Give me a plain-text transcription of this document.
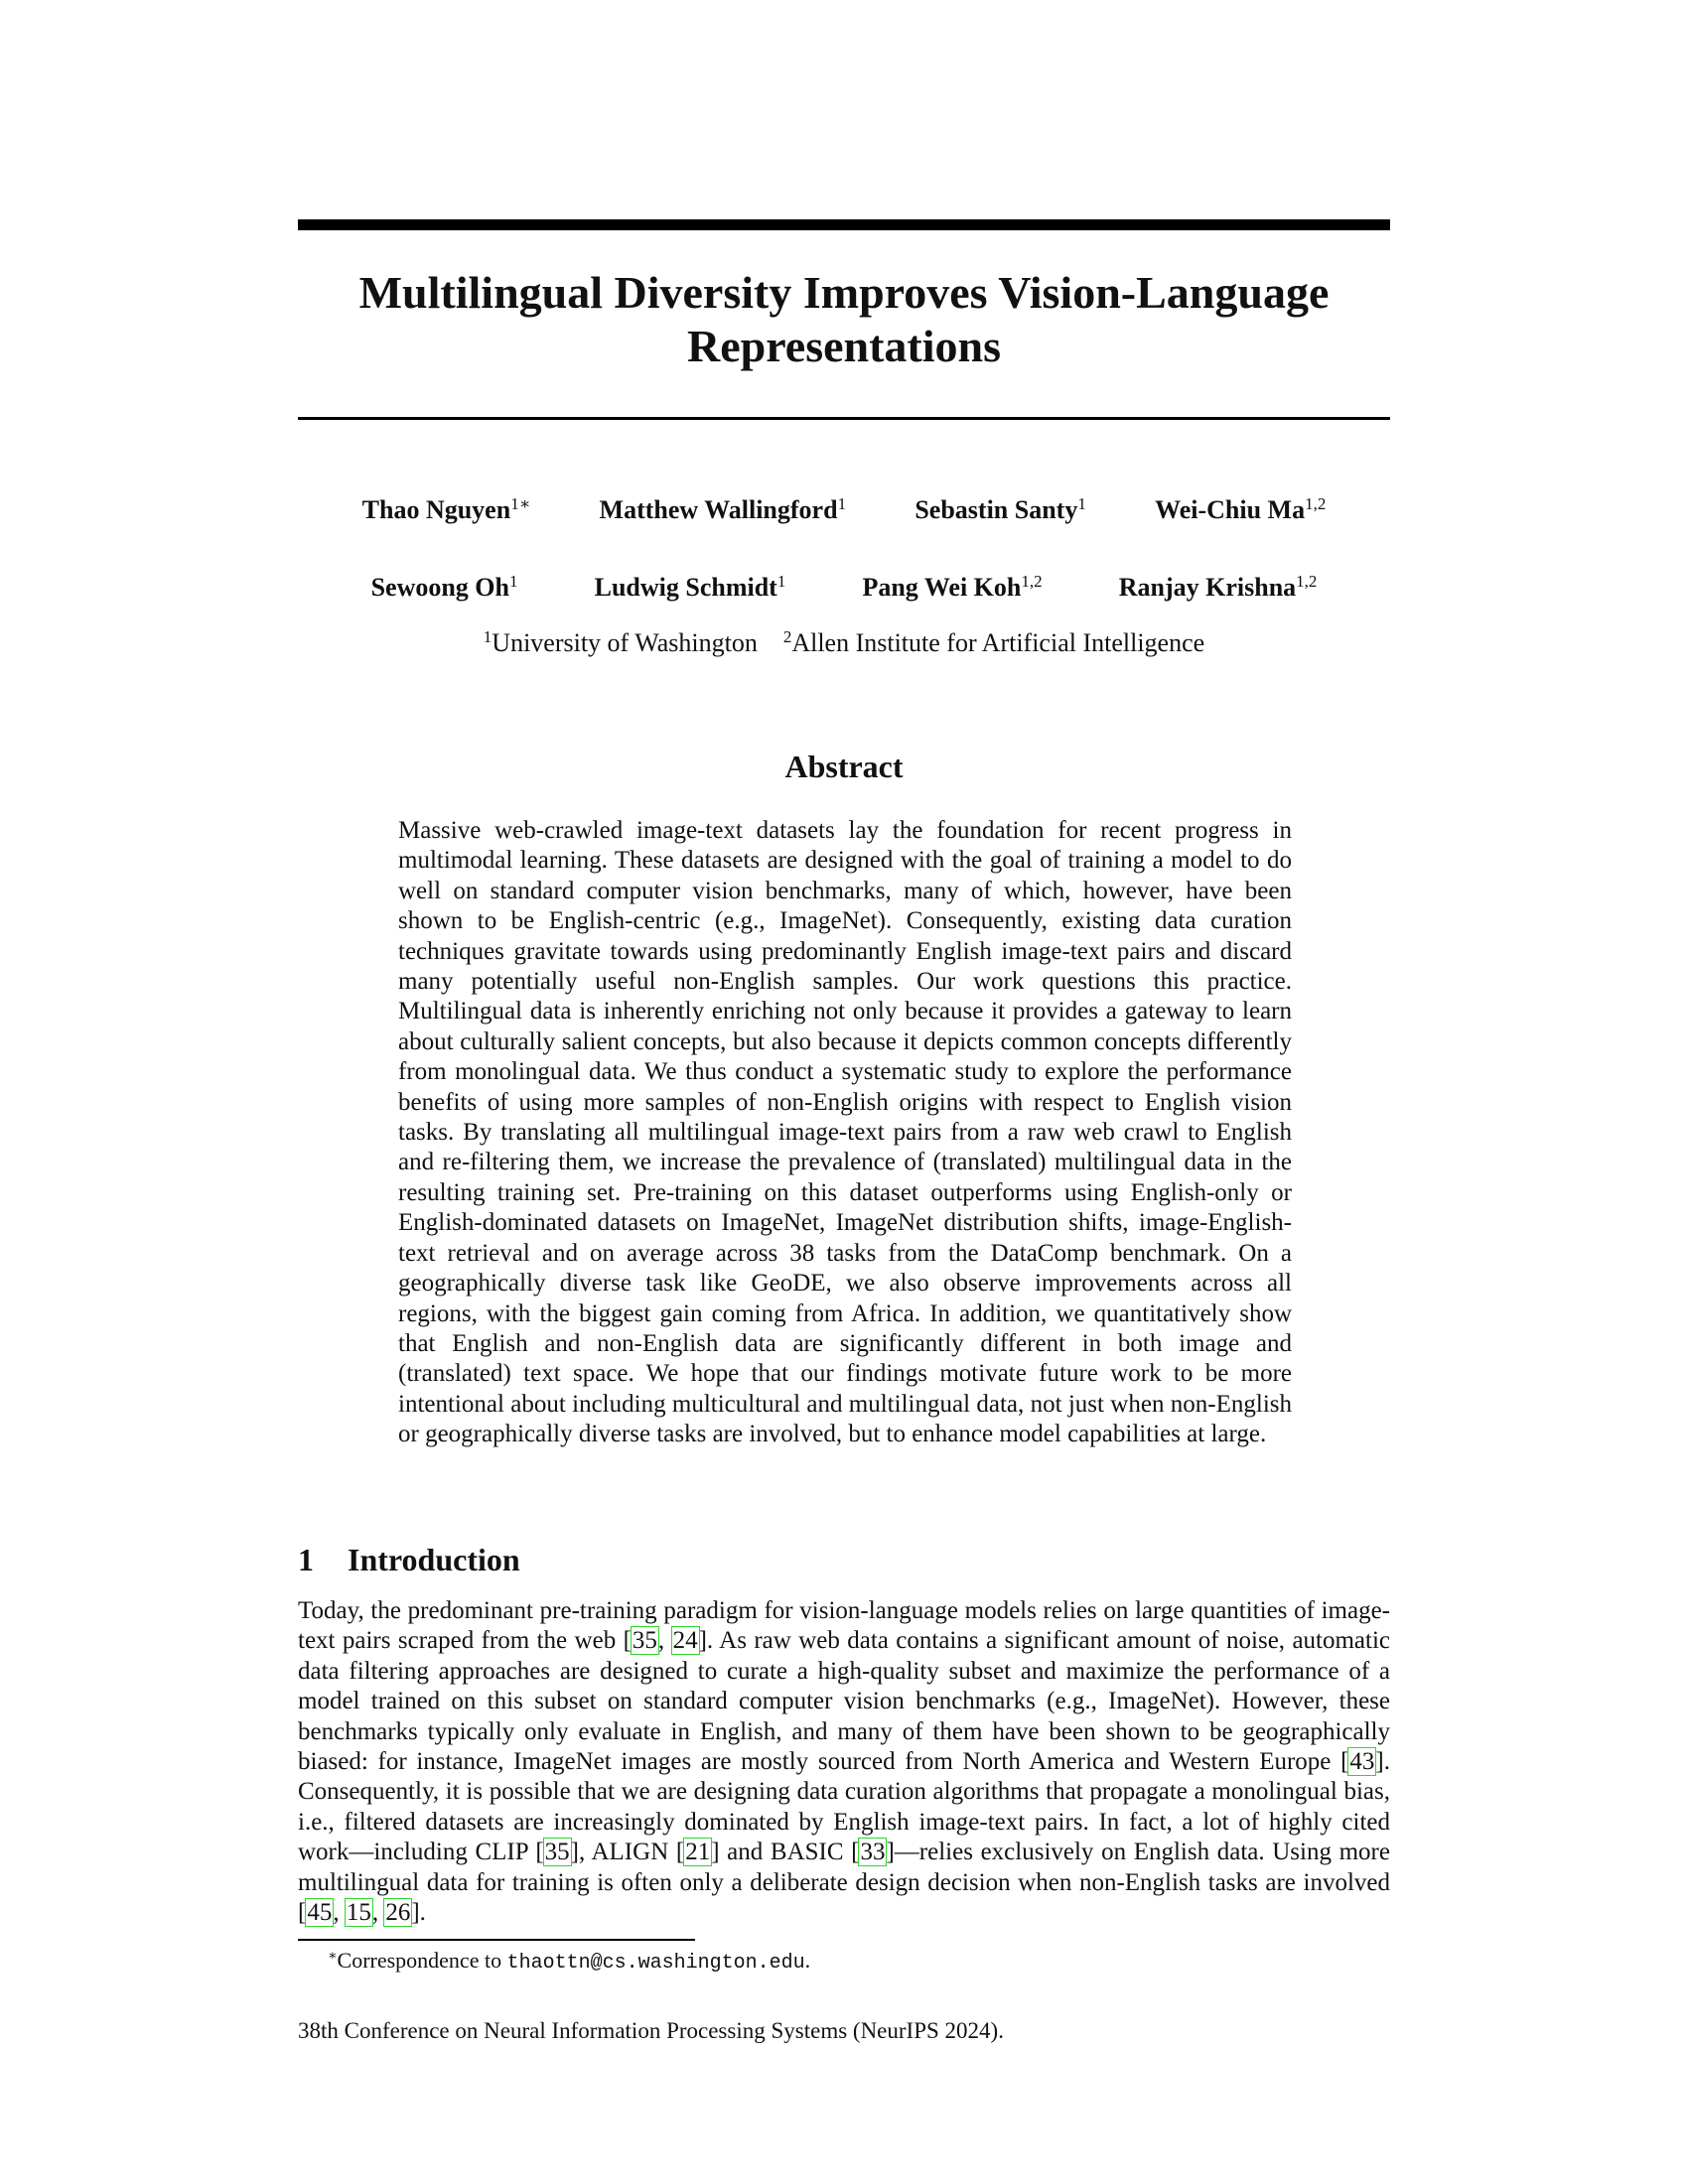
Multilingual Diversity Improves Vision-Language
Representations
Thao Nguyen$^{1∗}$	Matthew Wallingford$^1$	Sebastin Santy$^1$	Wei-Chiu Ma$^{1,2}$
Sewoong Oh$^1$	Ludwig Schmidt$^1$	Pang Wei Koh$^{1,2}$	Ranjay Krishna$^{1,2}$
$^1$University of Washington $^2$Allen Institute for Artificial Intelligence
Abstract

Massive web-crawled image-text datasets lay the foundation for recent progress in multimodal learning. These datasets are designed with the goal of training a model to do well on standard computer vision benchmarks, many of which, however, have been shown to be English-centric (e.g., ImageNet). Consequently, existing data curation techniques gravitate towards using predominantly English image-text pairs and discard many potentially useful non-English samples. Our work questions this practice. Multilingual data is inherently enriching not only because it provides a gateway to learn about culturally salient concepts, but also because it depicts common concepts differently from monolingual data. We thus conduct a systematic study to explore the performance benefits of using more samples of non-English origins with respect to English vision tasks. By translating all multilingual image-text pairs from a raw web crawl to English and re-filtering them, we increase the prevalence of (translated) multilingual data in the resulting training set. Pre-training on this dataset outperforms using English-only or English-dominated datasets on ImageNet, ImageNet distribution shifts, image-English-text retrieval and on average across 38 tasks from the DataComp benchmark. On a geographically diverse task like GeoDE, we also observe improvements across all regions, with the biggest gain coming from Africa. In addition, we quantitatively show that English and non-English data are significantly different in both image and (translated) text space. We hope that our findings motivate future work to be more intentional about including multicultural and multilingual data, not just when non-English or geographically diverse tasks are involved, but to enhance model capabilities at large.

1 Introduction

Today, the predominant pre-training paradigm for vision-language models relies on large quantities of image-text pairs scraped from the web [35, 24]. As raw web data contains a significant amount of noise, automatic data filtering approaches are designed to curate a high-quality subset and maximize the performance of a model trained on this subset on standard computer vision benchmarks (e.g., ImageNet). However, these benchmarks typically only evaluate in English, and many of them have been shown to be geographically biased: for instance, ImageNet images are mostly sourced from North America and Western Europe [43]. Consequently, it is possible that we are designing data curation algorithms that propagate a monolingual bias, i.e., filtered datasets are increasingly dominated by English image-text pairs. In fact, a lot of highly cited work—including CLIP [35], ALIGN [21] and BASIC [33]—relies exclusively on English data. Using more multilingual data for training is often only a deliberate design decision when non-English tasks are involved [45, 15, 26].

∗Correspondence to thaottn@cs.washington.edu.

38th Conference on Neural Information Processing Systems (NeurIPS 2024).
